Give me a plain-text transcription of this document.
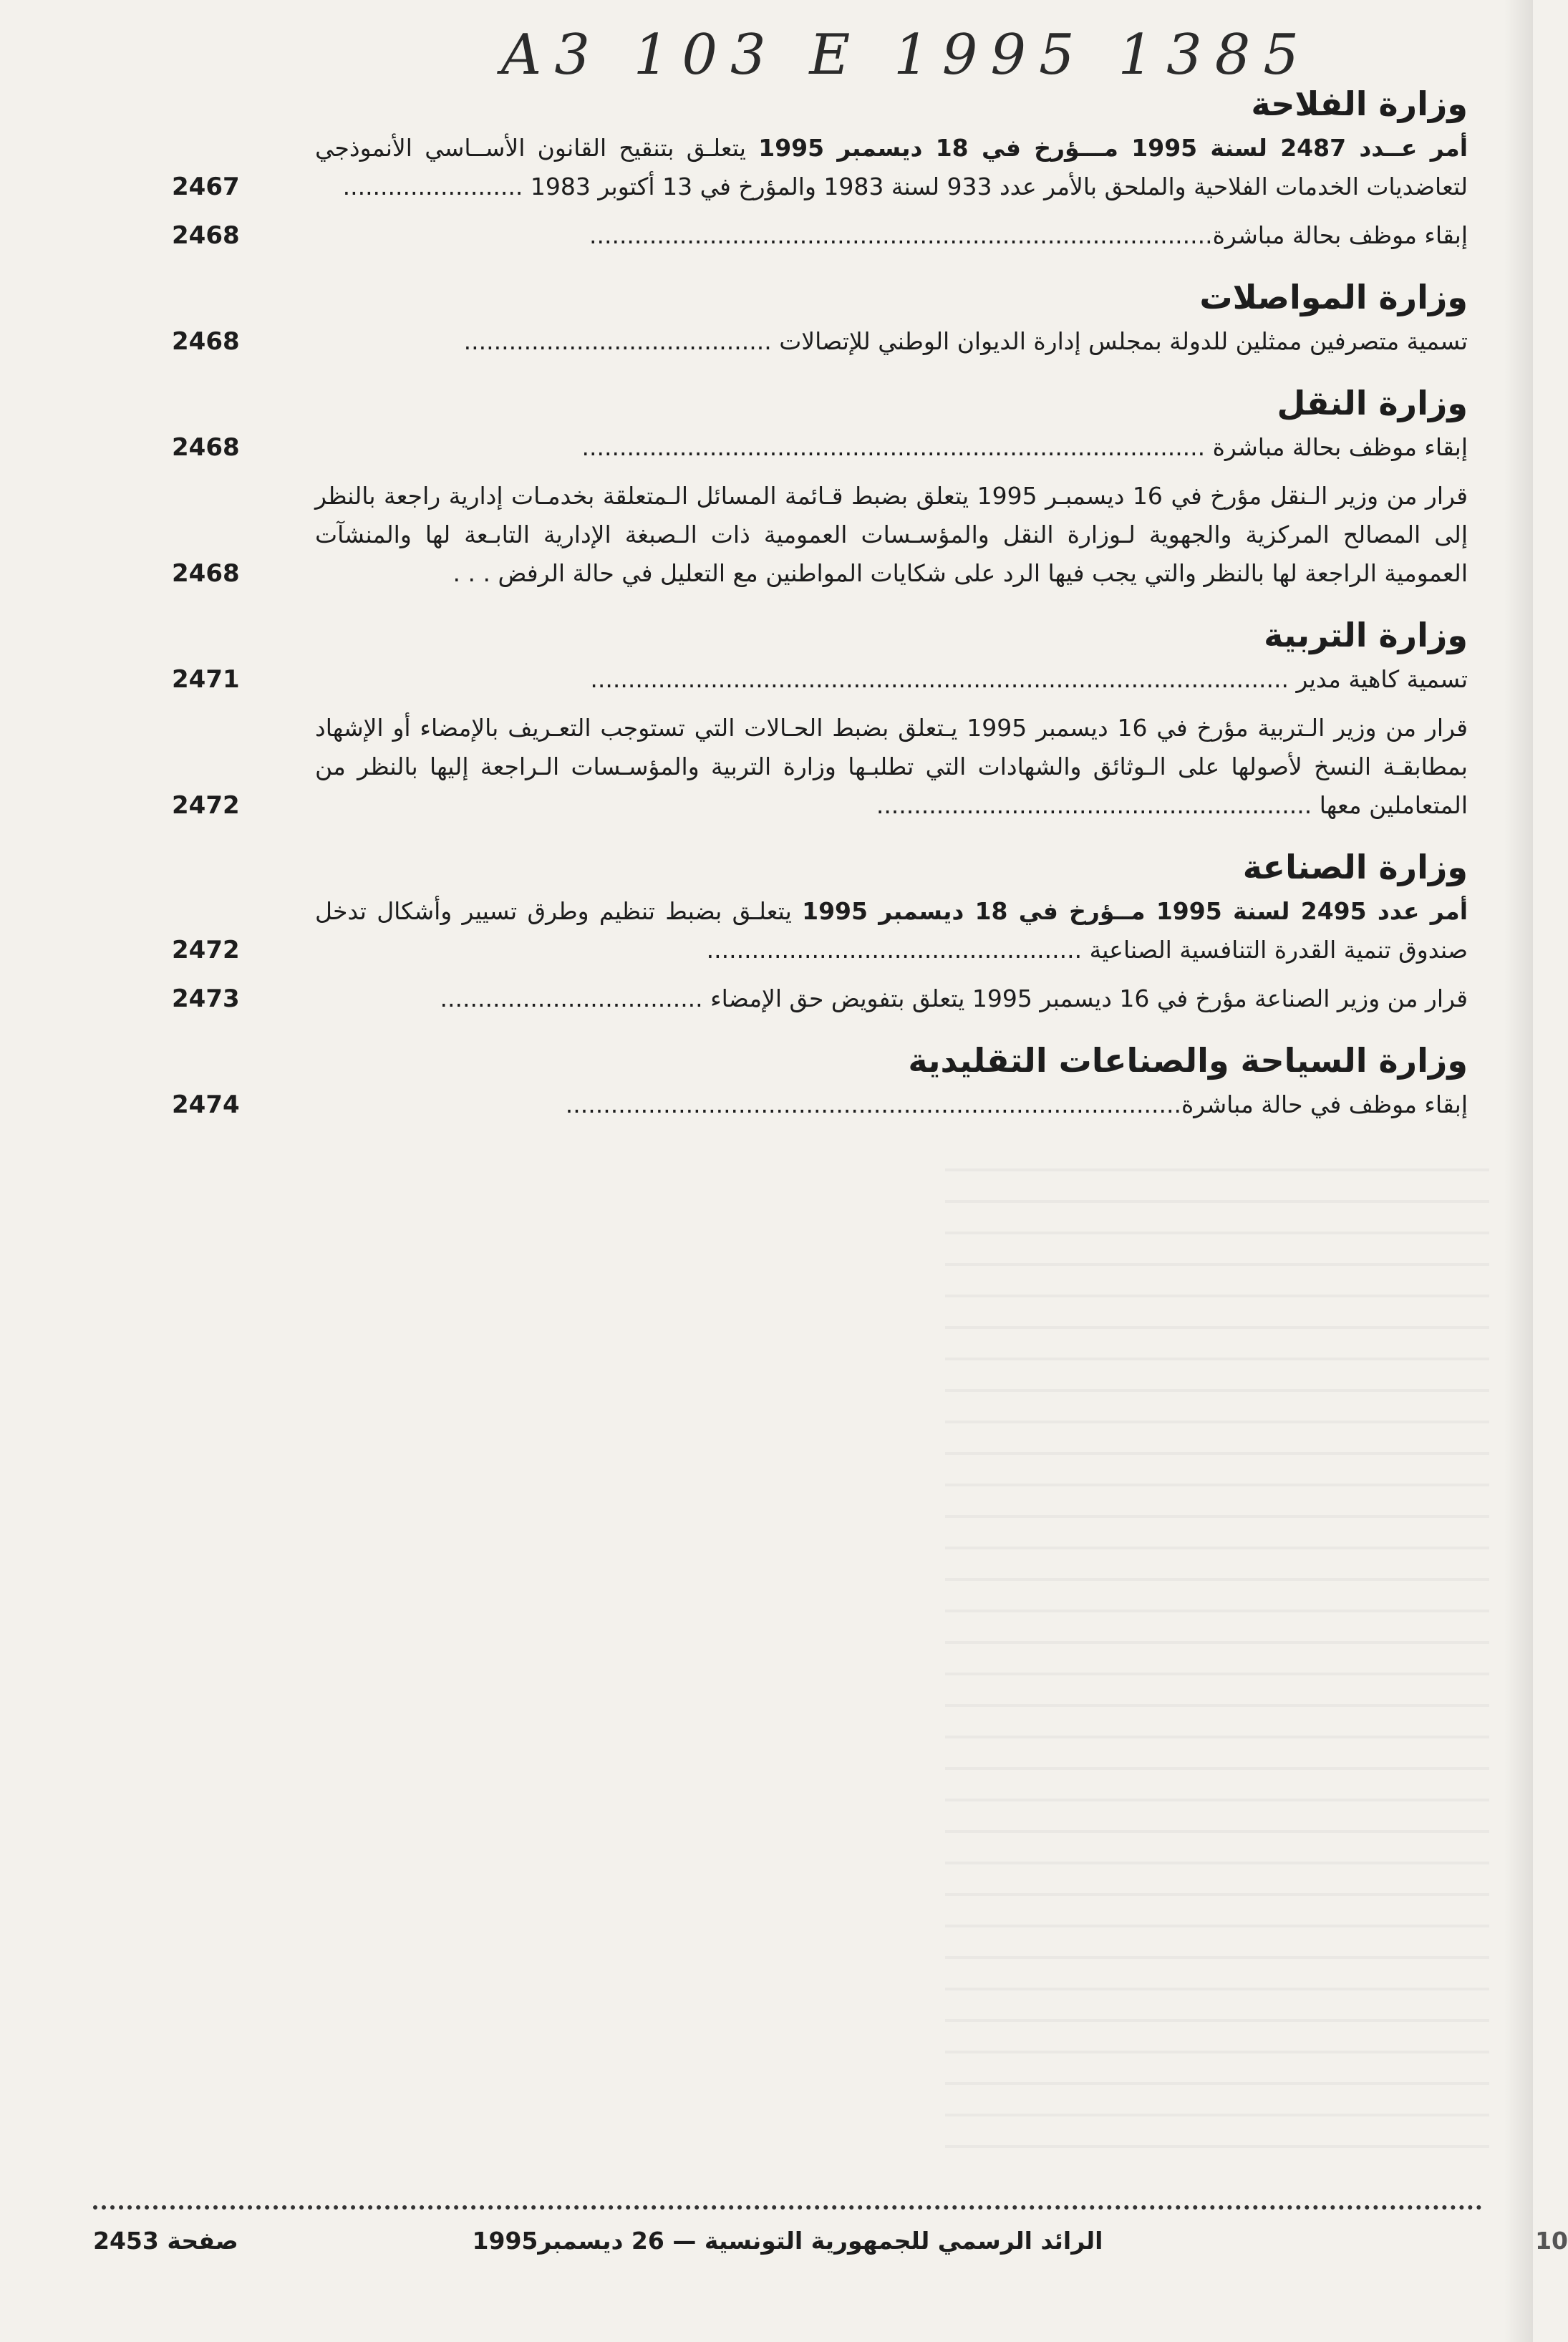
A3 103 E 1995 1385
وزارة الفلاحة
أمر عــدد 2487 لسنة 1995 مـــؤرخ في 18 ديسمبر 1995 يتعلـق بتنقيح القانون الأســاسي الأنموذجي لتعاضديات الخدمات الفلاحية والملحق بالأمر عدد 933 لسنة 1983 والمؤرخ في 13 أكتوبر 1983 ........................
2467
إبقاء موظف بحالة مباشرة...................................................................................
2468
وزارة المواصلات
تسمية متصرفين ممثلين للدولة بمجلس إدارة الديوان الوطني للإتصالات .........................................
2468
وزارة النقل
إبقاء موظف بحالة مباشرة ...................................................................................
2468
قرار من وزير الـنقل مؤرخ في 16 ديسمبـر 1995 يتعلق بضبط قـائمة المسائل الـمتعلقة بخدمـات إدارية راجعة بالنظر إلى المصالح المركزية والجهوية لـوزارة النقل والمؤسـسات العمومية ذات الـصبغة الإدارية التابـعة لها والمنشآت العمومية الراجعة لها بالنظر والتي يجب فيها الرد على شكايات المواطنين مع التعليل في حالة الرفض . . .
2468
وزارة التربية
تسمية كاهية مدير .............................................................................................
2471
قرار من وزير الـتربية مؤرخ في 16 ديسمبر 1995 يـتعلق بضبط الحـالات التي تستوجب التعـريف بالإمضاء أو الإشهاد بمطابقـة النسخ لأصولها على الـوثائق والشهادات التي تطلبـها وزارة التربية والمؤسـسات الـراجعة إليها بالنظر من المتعاملين معها ..........................................................
2472
وزارة الصناعة
أمر عدد 2495 لسنة 1995 مــؤرخ في 18 ديسمبر 1995 يتعلـق بضبط تنظيم وطرق تسيير وأشكال تدخل صندوق تنمية القدرة التنافسية الصناعية ..................................................
2472
قرار من وزير الصناعة مؤرخ في 16 ديسمبر 1995 يتعلق بتفويض حق الإمضاء ...................................
2473
وزارة السياحة والصناعات التقليدية
إبقاء موظف في حالة مباشرة..................................................................................
2474
الرائد الرسمي للجمهورية التونسية — 26 ديسمبر1995
صفحة 2453	10
